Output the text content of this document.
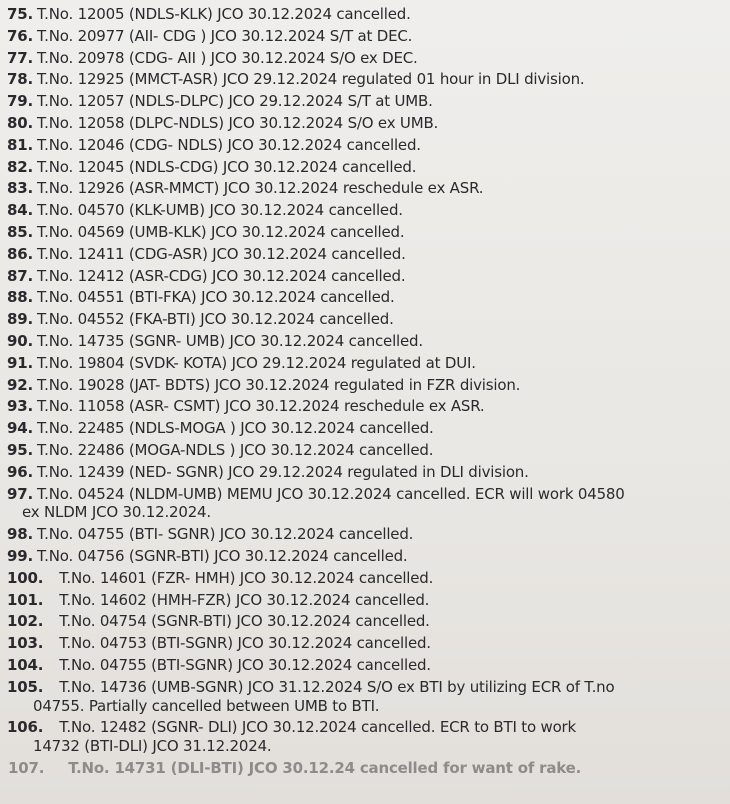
75. T.No. 12005 (NDLS-KLK) JCO 30.12.2024 cancelled.
76. T.No. 20977 (AII- CDG ) JCO 30.12.2024 S/T at DEC.
77. T.No. 20978 (CDG- AII ) JCO 30.12.2024 S/O ex DEC.
78. T.No. 12925 (MMCT-ASR) JCO 29.12.2024 regulated 01 hour in DLI division.
79. T.No. 12057 (NDLS-DLPC) JCO 29.12.2024 S/T at UMB.
80. T.No. 12058 (DLPC-NDLS) JCO 30.12.2024 S/O ex UMB.
81. T.No. 12046 (CDG- NDLS) JCO 30.12.2024 cancelled.
82. T.No. 12045 (NDLS-CDG) JCO 30.12.2024 cancelled.
83. T.No. 12926 (ASR-MMCT) JCO 30.12.2024 reschedule ex ASR.
84. T.No. 04570 (KLK-UMB) JCO 30.12.2024 cancelled.
85. T.No. 04569 (UMB-KLK) JCO 30.12.2024 cancelled.
86. T.No. 12411 (CDG-ASR) JCO 30.12.2024 cancelled.
87. T.No. 12412 (ASR-CDG) JCO 30.12.2024 cancelled.
88. T.No. 04551 (BTI-FKA) JCO 30.12.2024 cancelled.
89. T.No. 04552 (FKA-BTI) JCO 30.12.2024 cancelled.
90. T.No. 14735 (SGNR- UMB) JCO 30.12.2024 cancelled.
91. T.No. 19804 (SVDK- KOTA) JCO 29.12.2024 regulated at DUI.
92. T.No. 19028 (JAT- BDTS) JCO 30.12.2024 regulated in FZR division.
93. T.No. 11058 (ASR- CSMT) JCO 30.12.2024 reschedule ex ASR.
94. T.No. 22485 (NDLS-MOGA ) JCO 30.12.2024 cancelled.
95. T.No. 22486 (MOGA-NDLS ) JCO 30.12.2024 cancelled.
96. T.No. 12439 (NED- SGNR) JCO 29.12.2024 regulated in DLI division.
97. T.No. 04524 (NLDM-UMB) MEMU JCO 30.12.2024 cancelled. ECR will work 04580
ex NLDM JCO 30.12.2024.
98. T.No. 04755 (BTI- SGNR) JCO 30.12.2024 cancelled.
99. T.No. 04756 (SGNR-BTI) JCO 30.12.2024 cancelled.
100. T.No. 14601 (FZR- HMH) JCO 30.12.2024 cancelled.
101. T.No. 14602 (HMH-FZR) JCO 30.12.2024 cancelled.
102. T.No. 04754 (SGNR-BTI) JCO 30.12.2024 cancelled.
103. T.No. 04753 (BTI-SGNR) JCO 30.12.2024 cancelled.
104. T.No. 04755 (BTI-SGNR) JCO 30.12.2024 cancelled.
105. T.No. 14736 (UMB-SGNR) JCO 31.12.2024 S/O ex BTI by utilizing ECR of T.no
04755. Partially cancelled between UMB to BTI.
106. T.No. 12482 (SGNR- DLI) JCO 30.12.2024 cancelled. ECR to BTI to work
14732 (BTI-DLI) JCO 31.12.2024.
107. T.No. 14731 (DLI-BTI) JCO 30.12.24 cancelled for want of rake.
